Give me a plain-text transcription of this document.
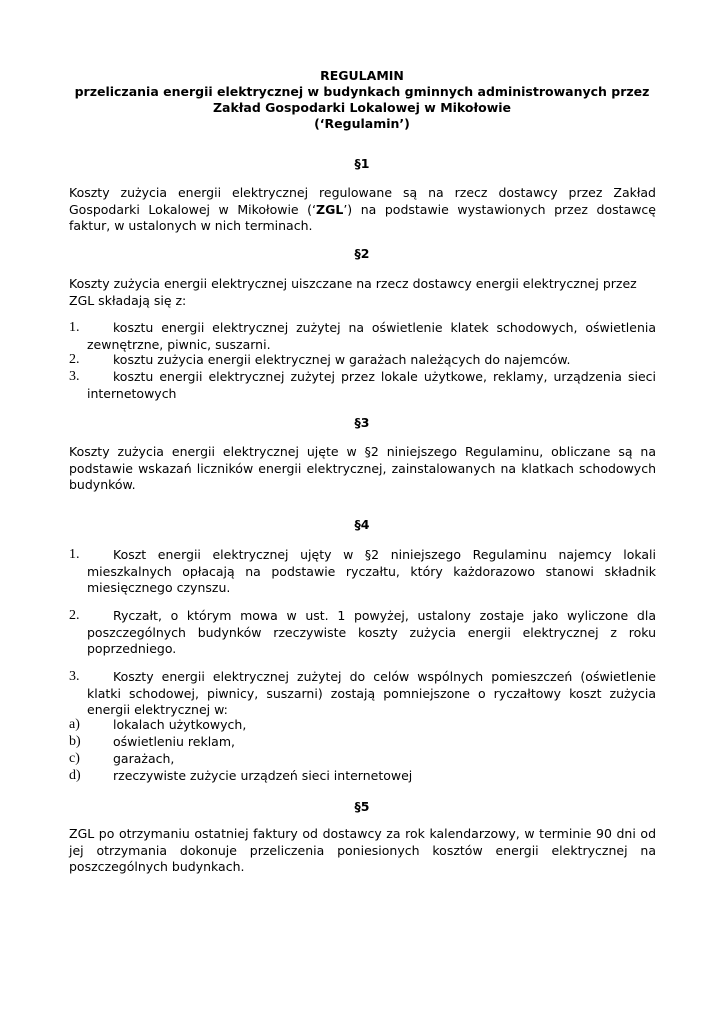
REGULAMIN
przeliczania energii elektrycznej w budynkach gminnych administrowanych przez
Zakład Gospodarki Lokalowej w Mikołowie
(‘Regulamin’)
§1
Koszty zużycia energii elektrycznej regulowane są na rzecz dostawcy przez Zakład Gospodarki Lokalowej w Mikołowie (‘ZGL’) na podstawie wystawionych przez dostawcę faktur, w ustalonych w nich terminach.
§2
Koszty zużycia energii elektrycznej uiszczane na rzecz dostawcy energii elektrycznej przez ZGL składają się z:
1.	kosztu energii elektrycznej zużytej na oświetlenie klatek schodowych, oświetlenia zewnętrzne, piwnic, suszarni.
2.	kosztu zużycia energii elektrycznej w garażach należących do najemców.
3.	kosztu energii elektrycznej zużytej przez lokale użytkowe, reklamy, urządzenia sieci internetowych
§3
Koszty zużycia energii elektrycznej ujęte w §2 niniejszego Regulaminu, obliczane są na podstawie wskazań liczników energii elektrycznej, zainstalowanych na klatkach schodowych budynków.
§4
1.	Koszt energii elektrycznej ujęty w §2 niniejszego Regulaminu najemcy lokali mieszkalnych opłacają na podstawie ryczałtu, który każdorazowo stanowi składnik miesięcznego czynszu.
2.	Ryczałt, o którym mowa w ust. 1 powyżej, ustalony zostaje jako wyliczone dla poszczególnych budynków rzeczywiste koszty zużycia energii elektrycznej z roku poprzedniego.
3.	Koszty energii elektrycznej zużytej do celów wspólnych pomieszczeń (oświetlenie klatki schodowej, piwnicy, suszarni) zostają pomniejszone o ryczałtowy koszt zużycia energii elektrycznej w:
a)	lokalach użytkowych,
b)	oświetleniu reklam,
c)	garażach,
d)	rzeczywiste zużycie urządzeń sieci internetowej
§5
ZGL po otrzymaniu ostatniej faktury od dostawcy za rok kalendarzowy, w terminie 90 dni od jej otrzymania dokonuje przeliczenia poniesionych kosztów energii elektrycznej na poszczególnych budynkach.
